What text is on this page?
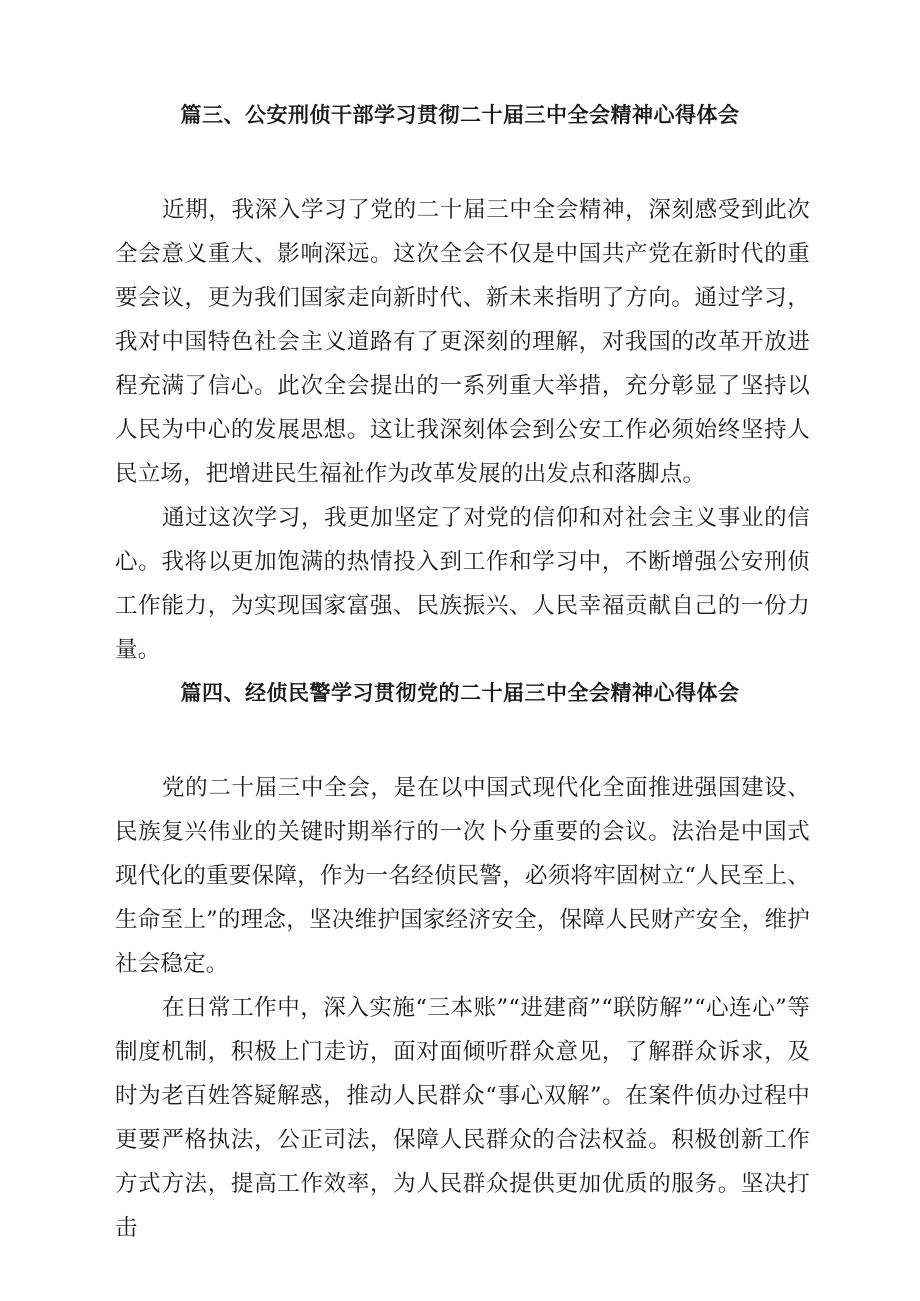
篇三、公安刑侦干部学习贯彻二十届三中全会精神心得体会

近期，我深入学习了党的二十届三中全会精神，深刻感受到此次全会意义重大、影响深远。这次全会不仅是中国共产党在新时代的重要会议，更为我们国家走向新时代、新未来指明了方向。通过学习，我对中国特色社会主义道路有了更深刻的理解，对我国的改革开放进程充满了信心。此次全会提出的一系列重大举措，充分彰显了坚持以人民为中心的发展思想。这让我深刻体会到公安工作必须始终坚持人民立场，把增进民生福祉作为改革发展的出发点和落脚点。

通过这次学习，我更加坚定了对党的信仰和对社会主义事业的信心。我将以更加饱满的热情投入到工作和学习中，不断增强公安刑侦工作能力，为实现国家富强、民族振兴、人民幸福贡献自己的一份力量。

篇四、经侦民警学习贯彻党的二十届三中全会精神心得体会

党的二十届三中全会，是在以中国式现代化全面推进强国建设、民族复兴伟业的关键时期举行的一次卜分重要的会议。法治是中国式现代化的重要保障，作为一名经侦民警，必须将牢固树立“人民至上、生命至上”的理念，坚决维护国家经济安全，保障人民财产安全，维护社会稳定。

在日常工作中，深入实施“三本账”“进建商”“联防解”“心连心”等制度机制，积极上门走访，面对面倾听群众意见，了解群众诉求，及时为老百姓答疑解惑，推动人民群众“事心双解”。在案件侦办过程中更要严格执法，公正司法，保障人民群众的合法权益。积极创新工作方式方法，提高工作效率，为人民群众提供更加优质的服务。坚决打击
